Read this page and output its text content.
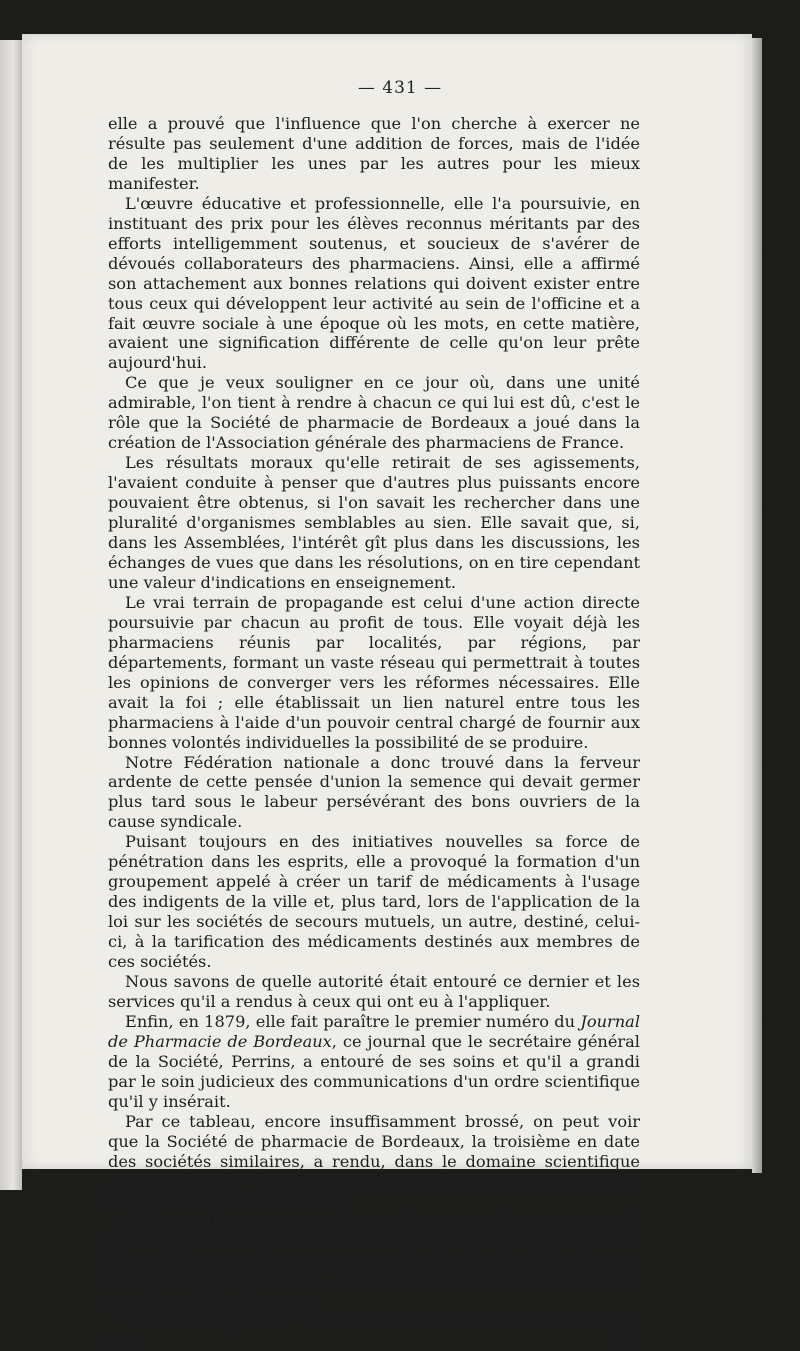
— 431 —

elle a prouvé que l'influence que l'on cherche à exercer ne résulte pas seulement d'une addition de forces, mais de l'idée de les multiplier les unes par les autres pour les mieux manifester.

L'œuvre éducative et professionnelle, elle l'a poursuivie, en instituant des prix pour les élèves reconnus méritants par des efforts intelligemment soutenus, et soucieux de s'avérer de dévoués collaborateurs des pharmaciens. Ainsi, elle a affirmé son attachement aux bonnes relations qui doivent exister entre tous ceux qui développent leur activité au sein de l'officine et a fait œuvre sociale à une époque où les mots, en cette matière, avaient une signification différente de celle qu'on leur prête aujourd'hui.

Ce que je veux souligner en ce jour où, dans une unité admirable, l'on tient à rendre à chacun ce qui lui est dû, c'est le rôle que la Société de pharmacie de Bordeaux a joué dans la création de l'Association générale des pharmaciens de France.

Les résultats moraux qu'elle retirait de ses agissements, l'avaient conduite à penser que d'autres plus puissants encore pouvaient être obtenus, si l'on savait les rechercher dans une pluralité d'organismes semblables au sien. Elle savait que, si, dans les Assemblées, l'intérêt gît plus dans les discussions, les échanges de vues que dans les résolutions, on en tire cependant une valeur d'indications en enseignement.

Le vrai terrain de propagande est celui d'une action directe poursuivie par chacun au profit de tous. Elle voyait déjà les pharmaciens réunis par localités, par régions, par départements, formant un vaste réseau qui permettrait à toutes les opinions de converger vers les réformes nécessaires. Elle avait la foi ; elle établissait un lien naturel entre tous les pharmaciens à l'aide d'un pouvoir central chargé de fournir aux bonnes volontés individuelles la possibilité de se produire.

Notre Fédération nationale a donc trouvé dans la ferveur ardente de cette pensée d'union la semence qui devait germer plus tard sous le labeur persévérant des bons ouvriers de la cause syndicale.

Puisant toujours en des initiatives nouvelles sa force de pénétration dans les esprits, elle a provoqué la formation d'un groupement appelé à créer un tarif de médicaments à l'usage des indigents de la ville et, plus tard, lors de l'application de la loi sur les sociétés de secours mutuels, un autre, destiné, celui-ci, à la tarification des médicaments destinés aux membres de ces sociétés.

Nous savons de quelle autorité était entouré ce dernier et les services qu'il a rendus à ceux qui ont eu à l'appliquer.

Enfin, en 1879, elle fait paraître le premier numéro du Journal de Pharmacie de Bordeaux, ce journal que le secrétaire général de la Société, Perrins, a entouré de ses soins et qu'il a grandi par le soin judicieux des communications d'un ordre scientifique qu'il y insérait.

Par ce tableau, encore insuffisamment brossé, on peut voir que la Société de pharmacie de Bordeaux, la troisième en date des sociétés similaires, a rendu, dans le domaine scientifique comme dans le domaine corporatif, des services dont nous ressentons les heureux effets.

Si les praticiens y sont plus nombreux que les représentants du corps enseignant, l'autorité de ces derniers s'y fait très fortement sentir. Leur enseignement, leur haute formation s'y reflètent à tout instant et lui donnent le caractère d'une Académie de haute tenue.

Une œuvre qui obéit à des sentiments aussi élevés ne s'éteint pas. Elle
